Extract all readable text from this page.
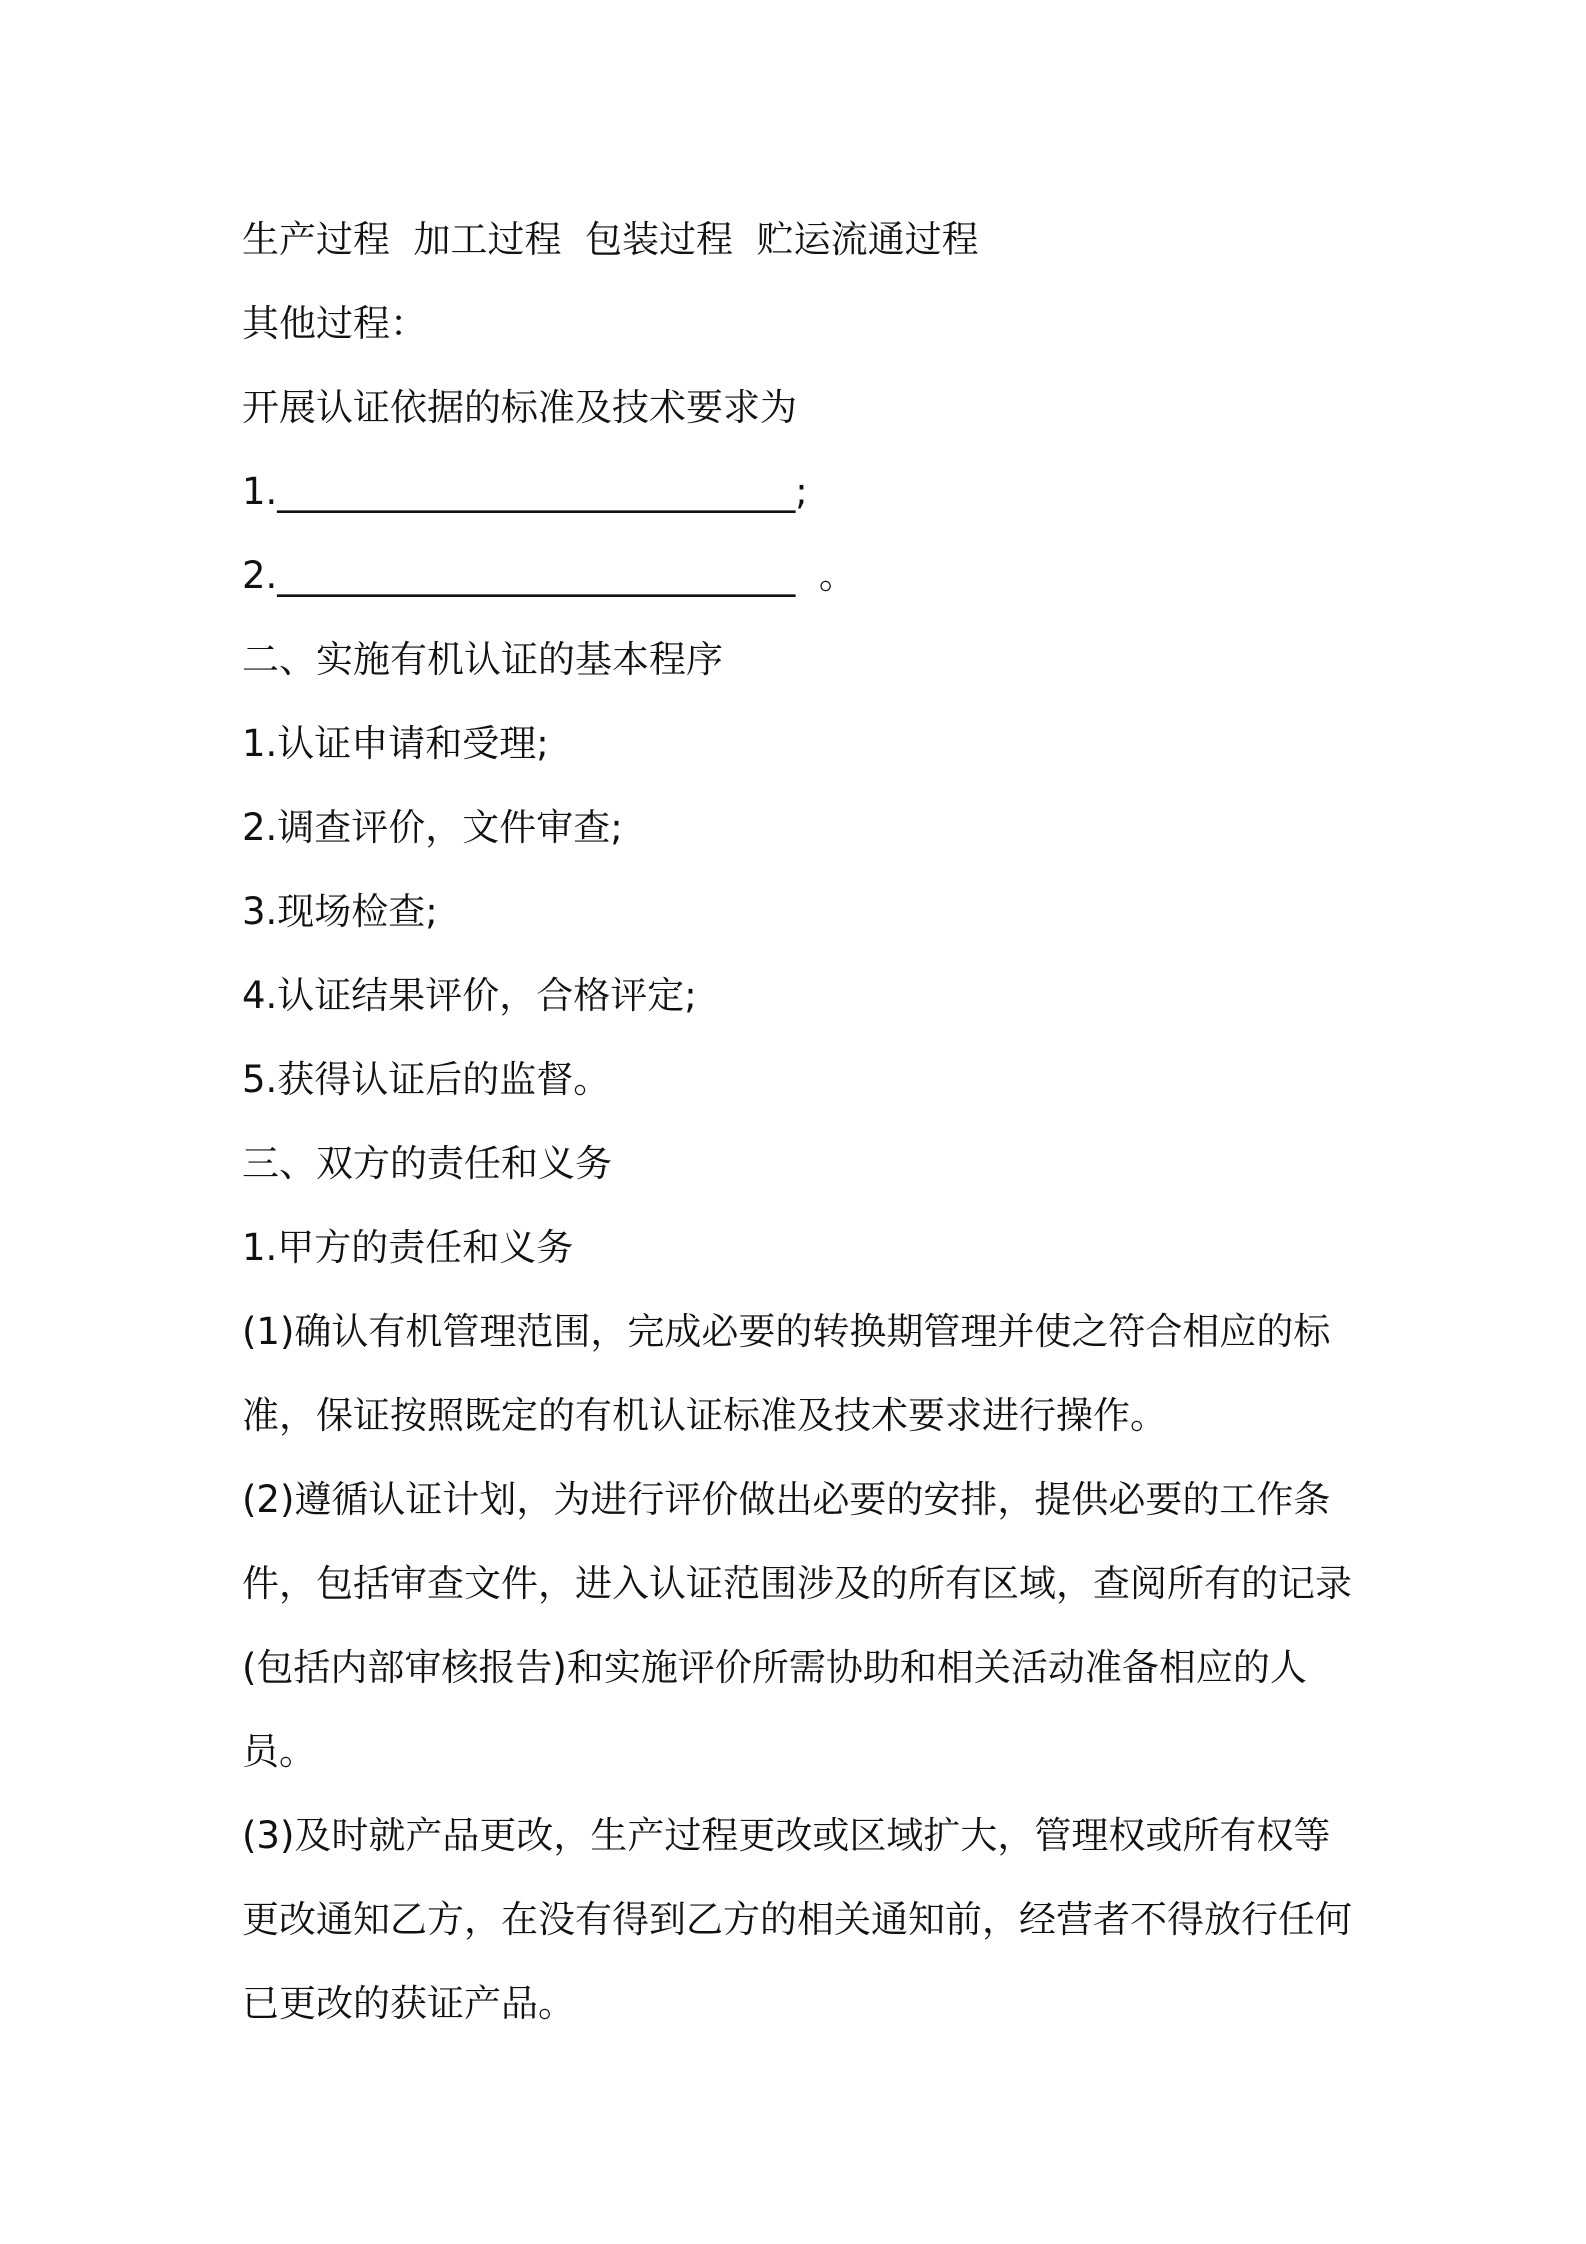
生产过程  加工过程  包装过程  贮运流通过程
其他过程：
开展认证依据的标准及技术要求为
1.____________________________;
2.____________________________  。
二、实施有机认证的基本程序
1.认证申请和受理;
2.调查评价，文件审查;
3.现场检查;
4.认证结果评价，合格评定;
5.获得认证后的监督。
三、双方的责任和义务
1.甲方的责任和义务
(1)确认有机管理范围，完成必要的转换期管理并使之符合相应的标准，保证按照既定的有机认证标准及技术要求进行操作。
(2)遵循认证计划，为进行评价做出必要的安排，提供必要的工作条件，包括审查文件，进入认证范围涉及的所有区域，查阅所有的记录(包括内部审核报告)和实施评价所需协助和相关活动准备相应的人员。
(3)及时就产品更改，生产过程更改或区域扩大，管理权或所有权等更改通知乙方，在没有得到乙方的相关通知前，经营者不得放行任何已更改的获证产品。
